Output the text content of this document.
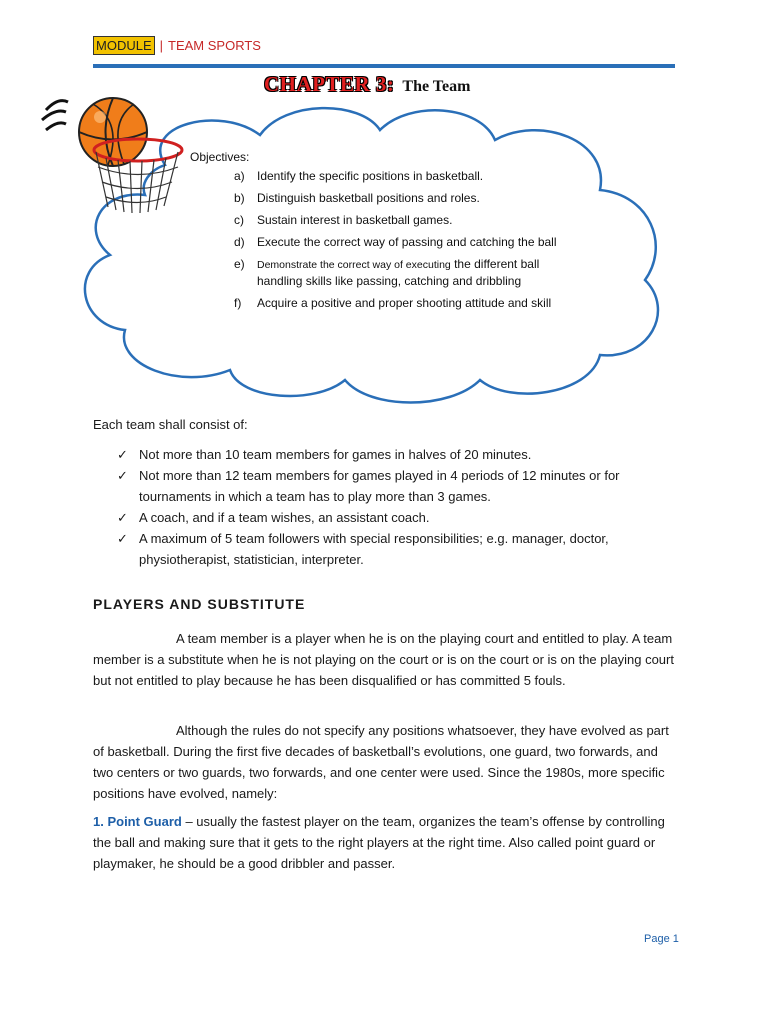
MODULE | TEAM SPORTS
CHAPTER 3: The Team
Objectives:
a)	Identify the specific positions in basketball.
b)	Distinguish basketball positions and roles.
c)	Sustain interest in basketball games.
d)	Execute the correct way of passing and catching the ball
e)	Demonstrate the correct way of executing the different ball handling skills like passing, catching and dribbling
f)	Acquire a positive and proper shooting attitude and skill
Each team shall consist of:
✓ Not more than 10 team members for games in halves of 20 minutes.
✓ Not more than 12 team members for games played in 4 periods of 12 minutes or for tournaments in which a team has to play more than 3 games.
✓ A coach, and if a team wishes, an assistant coach.
✓ A maximum of 5 team followers with special responsibilities; e.g. manager, doctor, physiotherapist, statistician, interpreter.
PLAYERS AND SUBSTITUTE

A team member is a player when he is on the playing court and entitled to play. A team member is a substitute when he is not playing on the court or is on the court or is on the playing court but not entitled to play because he has been disqualified or has committed 5 fouls.

Although the rules do not specify any positions whatsoever, they have evolved as part of basketball. During the first five decades of basketball’s evolutions, one guard, two forwards, and two centers or two guards, two forwards, and one center were used. Since the 1980s, more specific positions have evolved, namely:

1. Point Guard – usually the fastest player on the team, organizes the team’s offense by controlling the ball and making sure that it gets to the right players at the right time. Also called point guard or playmaker, he should be a good dribbler and passer.

Page 1
